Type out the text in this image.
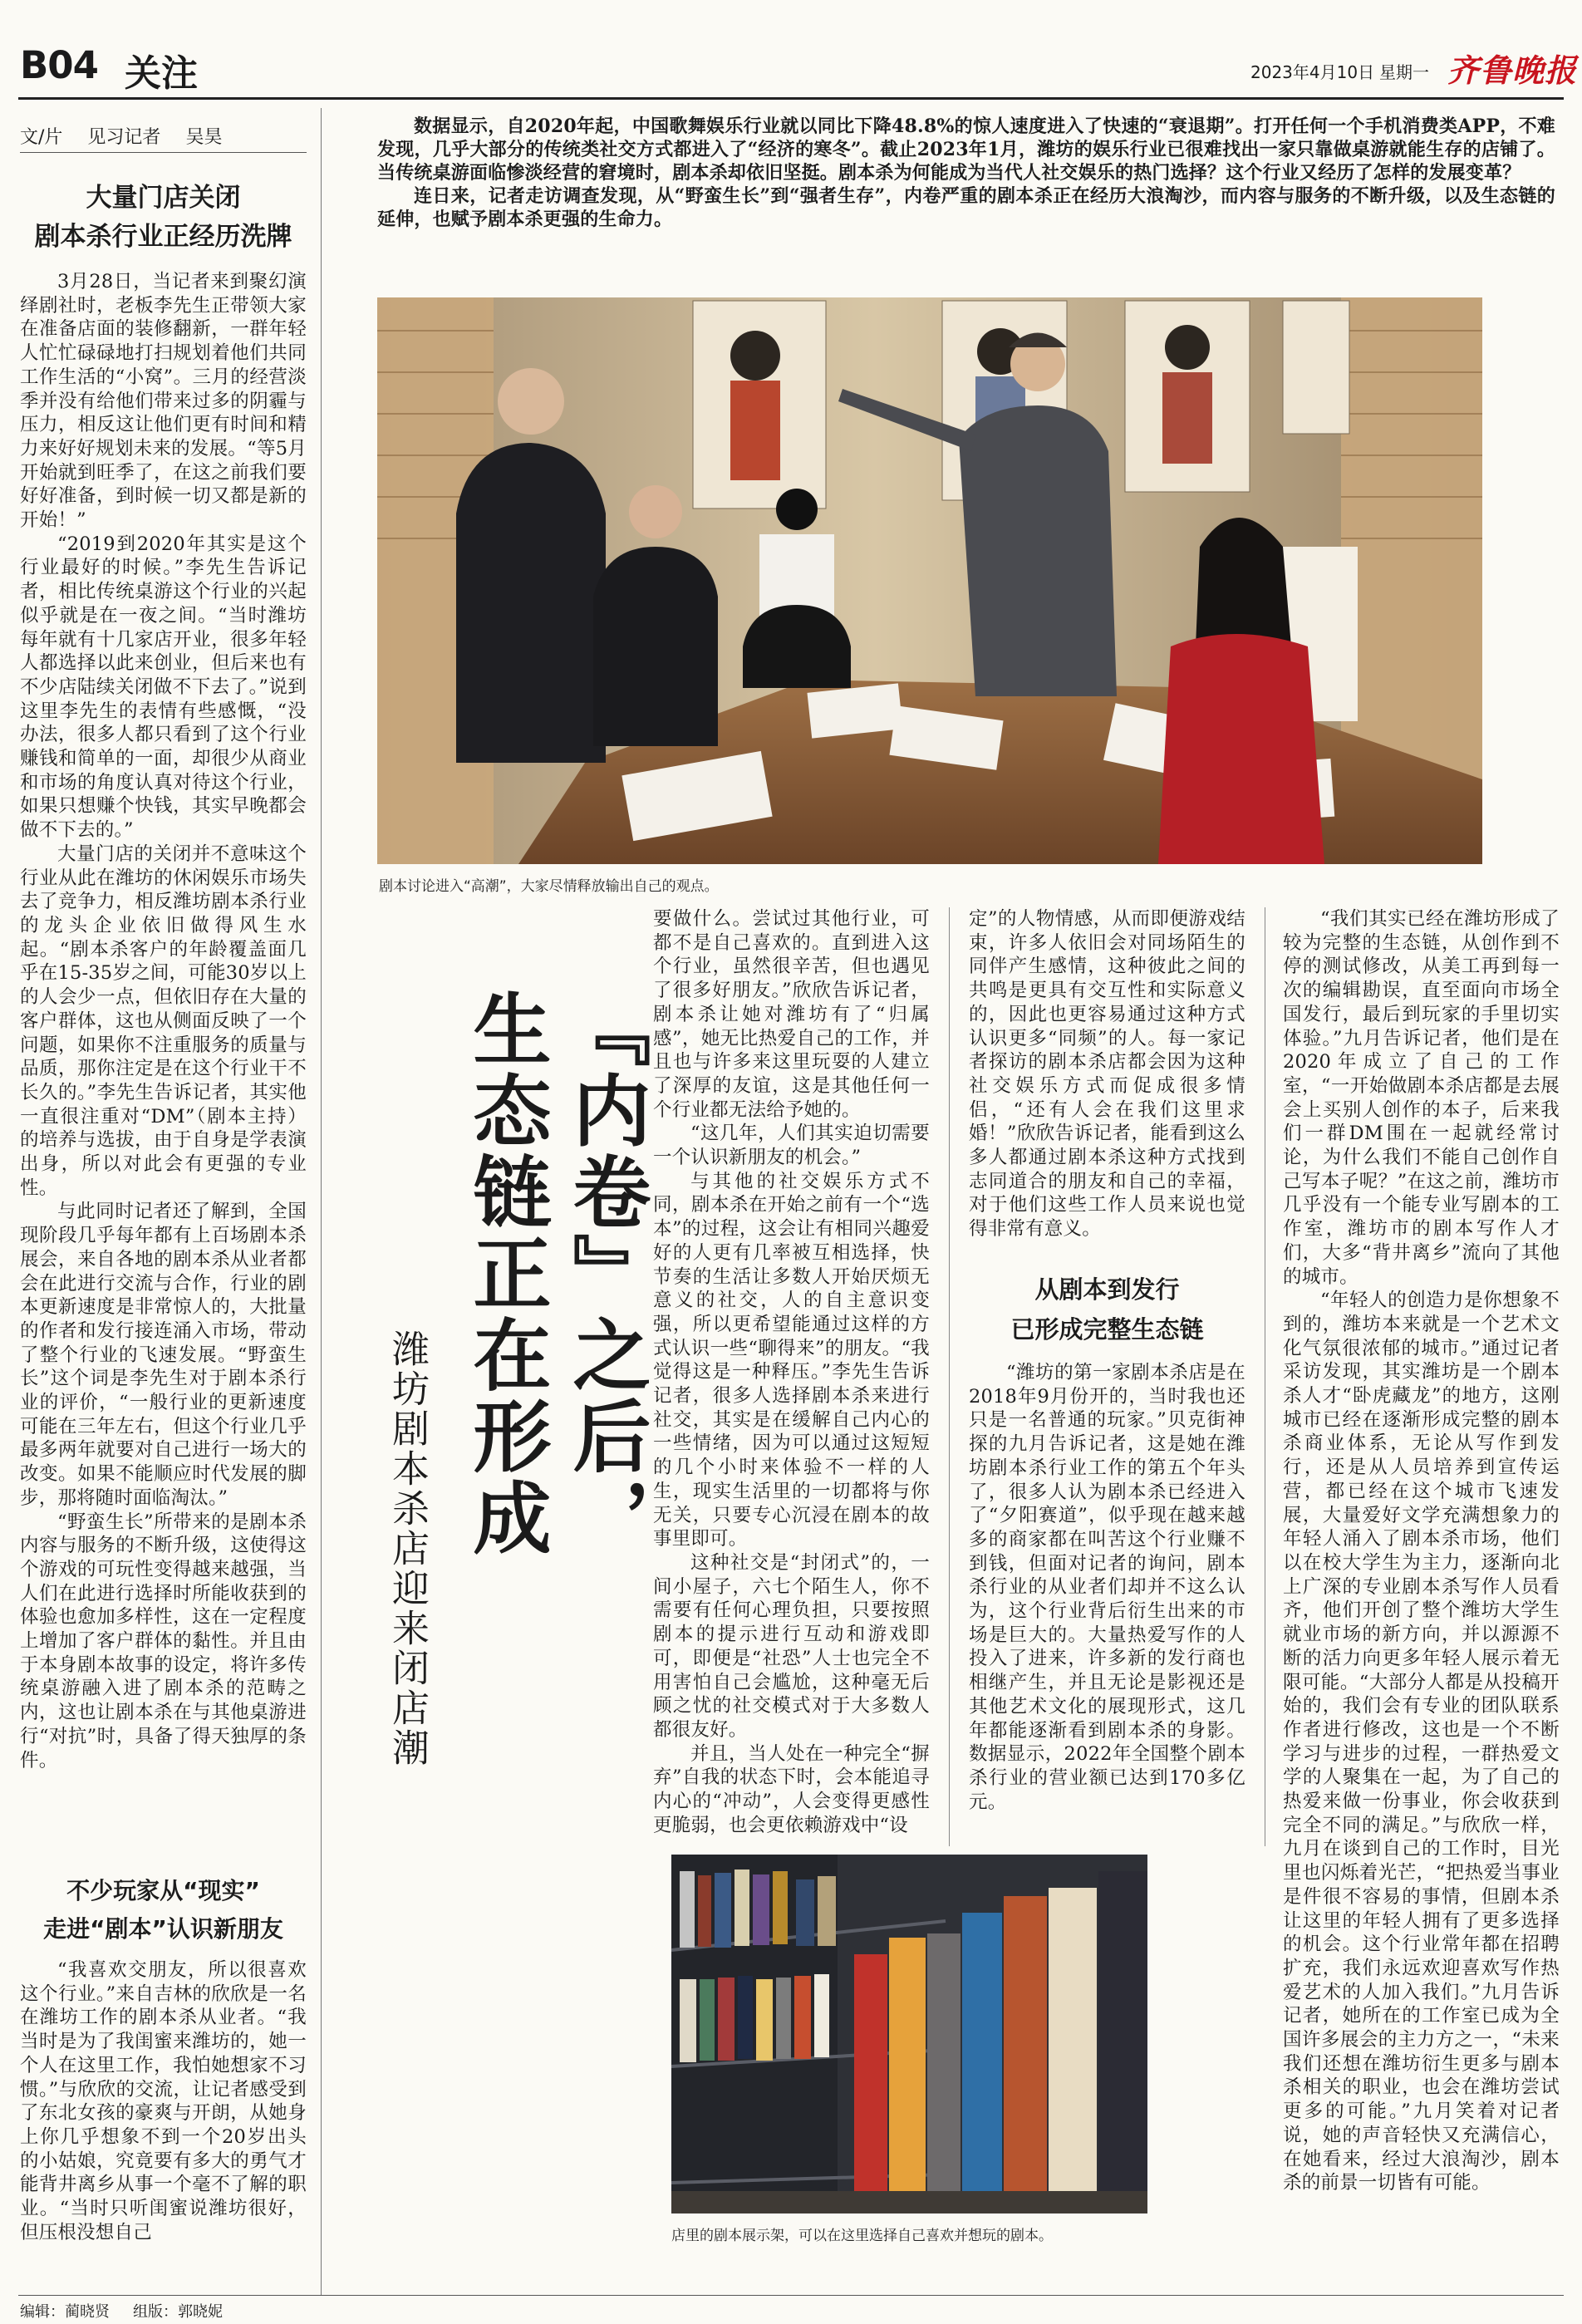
B04 关注	2023年4月10日 星期一 齐鲁晚报
文/片 见习记者 吴昊
大量门店关闭
剧本杀行业正经历洗牌

3月28日，当记者来到聚幻演绎剧社时，老板李先生正带领大家在准备店面的装修翻新，一群年轻人忙忙碌碌地打扫规划着他们共同工作生活的“小窝”。三月的经营淡季并没有给他们带来过多的阴霾与压力，相反这让他们更有时间和精力来好好规划未来的发展。“等5月开始就到旺季了，在这之前我们要好好准备，到时候一切又都是新的开始！”

“2019到2020年其实是这个行业最好的时候。”李先生告诉记者，相比传统桌游这个行业的兴起似乎就是在一夜之间。“当时潍坊每年就有十几家店开业，很多年轻人都选择以此来创业，但后来也有不少店陆续关闭做不下去了。”说到这里李先生的表情有些感慨，“没办法，很多人都只看到了这个行业赚钱和简单的一面，却很少从商业和市场的角度认真对待这个行业，如果只想赚个快钱，其实早晚都会做不下去的。”

大量门店的关闭并不意味这个行业从此在潍坊的休闲娱乐市场失去了竞争力，相反潍坊剧本杀行业的龙头企业依旧做得风生水起。“剧本杀客户的年龄覆盖面几乎在15-35岁之间，可能30岁以上的人会少一点，但依旧存在大量的客户群体，这也从侧面反映了一个问题，如果你不注重服务的质量与品质，那你注定是在这个行业干不长久的。”李先生告诉记者，其实他一直很注重对“DM”（剧本主持）的培养与选拔，由于自身是学表演出身，所以对此会有更强的专业性。

与此同时记者还了解到，全国现阶段几乎每年都有上百场剧本杀展会，来自各地的剧本杀从业者都会在此进行交流与合作，行业的剧本更新速度是非常惊人的，大批量的作者和发行接连涌入市场，带动了整个行业的飞速发展。“野蛮生长”这个词是李先生对于剧本杀行业的评价，“一般行业的更新速度可能在三年左右，但这个行业几乎最多两年就要对自己进行一场大的改变。如果不能顺应时代发展的脚步，那将随时面临淘汰。”

“野蛮生长”所带来的是剧本杀内容与服务的不断升级，这使得这个游戏的可玩性变得越来越强，当人们在此进行选择时所能收获到的体验也愈加多样性，这在一定程度上增加了客户群体的黏性。并且由于本身剧本故事的设定，将许多传统桌游融入进了剧本杀的范畴之内，这也让剧本杀在与其他桌游进行“对抗”时，具备了得天独厚的条件。

不少玩家从“现实”
走进“剧本”认识新朋友

“我喜欢交朋友，所以很喜欢这个行业。”来自吉林的欣欣是一名在潍坊工作的剧本杀从业者。“我当时是为了我闺蜜来潍坊的，她一个人在这里工作，我怕她想家不习惯。”与欣欣的交流，让记者感受到了东北女孩的豪爽与开朗，从她身上你几乎想象不到一个20岁出头的小姑娘，究竟要有多大的勇气才能背井离乡从事一个毫不了解的职业。“当时只听闺蜜说潍坊很好，但压根没想自己

数据显示，自2020年起，中国歌舞娱乐行业就以同比下降48.8%的惊人速度进入了快速的“衰退期”。打开任何一个手机消费类APP，不难发现，几乎大部分的传统类社交方式都进入了“经济的寒冬”。截止2023年1月，潍坊的娱乐行业已很难找出一家只靠做桌游就能生存的店铺了。当传统桌游面临惨淡经营的窘境时，剧本杀却依旧坚挺。剧本杀为何能成为当代人社交娱乐的热门选择？这个行业又经历了怎样的发展变革？

连日来，记者走访调查发现，从“野蛮生长”到“强者生存”，内卷严重的剧本杀正在经历大浪淘沙，而内容与服务的不断升级，以及生态链的延伸，也赋予剧本杀更强的生命力。

剧本讨论进入“高潮”，大家尽情释放输出自己的观点。
『内卷』之后，
生态链正在形成
潍坊剧本杀店迎来闭店潮

要做什么。尝试过其他行业，可都不是自己喜欢的。直到进入这个行业，虽然很辛苦，但也遇见了很多好朋友。”欣欣告诉记者，剧本杀让她对潍坊有了“归属感”，她无比热爱自己的工作，并且也与许多来这里玩耍的人建立了深厚的友谊，这是其他任何一个行业都无法给予她的。

“这几年，人们其实迫切需要一个认识新朋友的机会。”

与其他的社交娱乐方式不同，剧本杀在开始之前有一个“选本”的过程，这会让有相同兴趣爱好的人更有几率被互相选择，快节奏的生活让多数人开始厌烦无意义的社交，人的自主意识变强，所以更希望能通过这样的方式认识一些“聊得来”的朋友。“我觉得这是一种释压。”李先生告诉记者，很多人选择剧本杀来进行社交，其实是在缓解自己内心的一些情绪，因为可以通过这短短的几个小时来体验不一样的人生，现实生活里的一切都将与你无关，只要专心沉浸在剧本的故事里即可。

这种社交是“封闭式”的，一间小屋子，六七个陌生人，你不需要有任何心理负担，只要按照剧本的提示进行互动和游戏即可，即便是“社恐”人士也完全不用害怕自己会尴尬，这种毫无后顾之忧的社交模式对于大多数人都很友好。

并且，当人处在一种完全“摒弃”自我的状态下时，会本能追寻内心的“冲动”，人会变得更感性更脆弱，也会更依赖游戏中“设

定”的人物情感，从而即便游戏结束，许多人依旧会对同场陌生的同伴产生感情，这种彼此之间的共鸣是更具有交互性和实际意义的，因此也更容易通过这种方式认识更多“同频”的人。每一家记者探访的剧本杀店都会因为这种社交娱乐方式而促成很多情侣，“还有人会在我们这里求婚！”欣欣告诉记者，能看到这么多人都通过剧本杀这种方式找到志同道合的朋友和自己的幸福，对于他们这些工作人员来说也觉得非常有意义。

从剧本到发行
已形成完整生态链

“潍坊的第一家剧本杀店是在2018年9月份开的，当时我也还只是一名普通的玩家。”贝克街神探的九月告诉记者，这是她在潍坊剧本杀行业工作的第五个年头了，很多人认为剧本杀已经进入了“夕阳赛道”，似乎现在越来越多的商家都在叫苦这个行业赚不到钱，但面对记者的询问，剧本杀行业的从业者们却并不这么认为，这个行业背后衍生出来的市场是巨大的。大量热爱写作的人投入了进来，许多新的发行商也相继产生，并且无论是影视还是其他艺术文化的展现形式，这几年都能逐渐看到剧本杀的身影。数据显示，2022年全国整个剧本杀行业的营业额已达到170多亿元。

店里的剧本展示架，可以在这里选择自己喜欢并想玩的剧本。

“我们其实已经在潍坊形成了较为完整的生态链，从创作到不停的测试修改，从美工再到每一次的编辑勘误，直至面向市场全国发行，最后到玩家的手里切实体验。”九月告诉记者，他们是在2020年成立了自己的工作室，“一开始做剧本杀店都是去展会上买别人创作的本子，后来我们一群DM围在一起就经常讨论，为什么我们不能自己创作自己写本子呢？”在这之前，潍坊市几乎没有一个能专业写剧本的工作室，潍坊市的剧本写作人才们，大多“背井离乡”流向了其他的城市。

“年轻人的创造力是你想象不到的，潍坊本来就是一个艺术文化气氛很浓郁的城市。”通过记者采访发现，其实潍坊是一个剧本杀人才“卧虎藏龙”的地方，这刚城市已经在逐渐形成完整的剧本杀商业体系，无论从写作到发行，还是从人员培养到宣传运营，都已经在这个城市飞速发展，大量爱好文学充满想象力的年轻人涌入了剧本杀市场，他们以在校大学生为主力，逐渐向北上广深的专业剧本杀写作人员看齐，他们开创了整个潍坊大学生就业市场的新方向，并以源源不断的活力向更多年轻人展示着无限可能。“大部分人都是从投稿开始的，我们会有专业的团队联系作者进行修改，这也是一个不断学习与进步的过程，一群热爱文学的人聚集在一起，为了自己的热爱来做一份事业，你会收获到完全不同的满足。”与欣欣一样，九月在谈到自己的工作时，目光里也闪烁着光芒，“把热爱当事业是件很不容易的事情，但剧本杀让这里的年轻人拥有了更多选择的机会。这个行业常年都在招聘扩充，我们永远欢迎喜欢写作热爱艺术的人加入我们。”九月告诉记者，她所在的工作室已成为全国许多展会的主力方之一，“未来我们还想在潍坊衍生更多与剧本杀相关的职业，也会在潍坊尝试更多的可能。”九月笑着对记者说，她的声音轻快又充满信心，在她看来，经过大浪淘沙，剧本杀的前景一切皆有可能。

编辑：蔺晓贤 组版：郭晓妮
